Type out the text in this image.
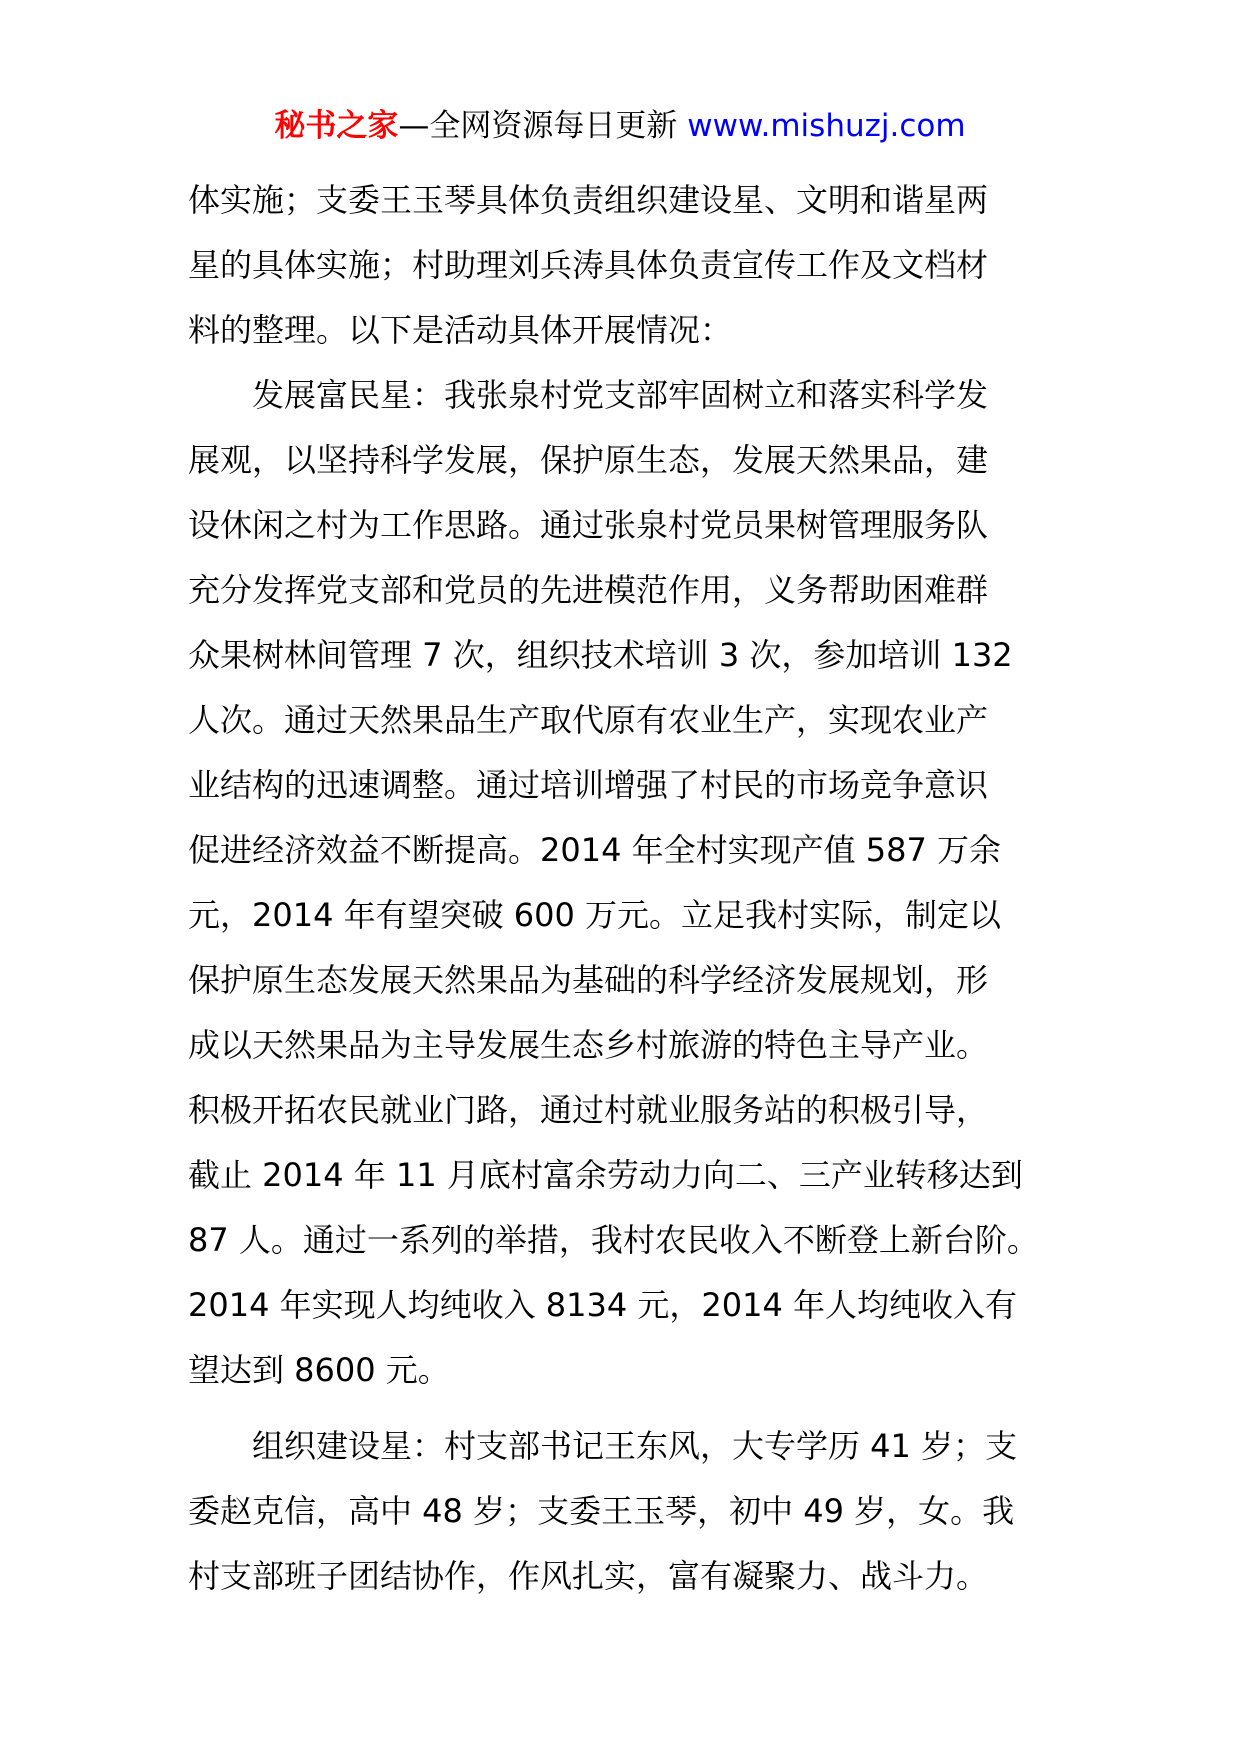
秘书之家—全网资源每日更新 www.mishuzj.com
体实施；支委王玉琴具体负责组织建设星、文明和谐星两
星的具体实施；村助理刘兵涛具体负责宣传工作及文档材
料的整理。以下是活动具体开展情况：
发展富民星：我张泉村党支部牢固树立和落实科学发
展观，以坚持科学发展，保护原生态，发展天然果品，建
设休闲之村为工作思路。通过张泉村党员果树管理服务队
充分发挥党支部和党员的先进模范作用，义务帮助困难群
众果树林间管理 7 次，组织技术培训 3 次，参加培训 132
人次。通过天然果品生产取代原有农业生产，实现农业产
业结构的迅速调整。通过培训增强了村民的市场竞争意识
促进经济效益不断提高。2014 年全村实现产值 587 万余
元，2014 年有望突破 600 万元。立足我村实际，制定以
保护原生态发展天然果品为基础的科学经济发展规划，形
成以天然果品为主导发展生态乡村旅游的特色主导产业。
积极开拓农民就业门路，通过村就业服务站的积极引导，
截止 2014 年 11 月底村富余劳动力向二、三产业转移达到
87 人。通过一系列的举措，我村农民收入不断登上新台阶。
2014 年实现人均纯收入 8134 元，2014 年人均纯收入有
望达到 8600 元。
组织建设星：村支部书记王东风，大专学历 41 岁；支
委赵克信，高中 48 岁；支委王玉琴，初中 49 岁，女。我
村支部班子团结协作，作风扎实，富有凝聚力、战斗力。
